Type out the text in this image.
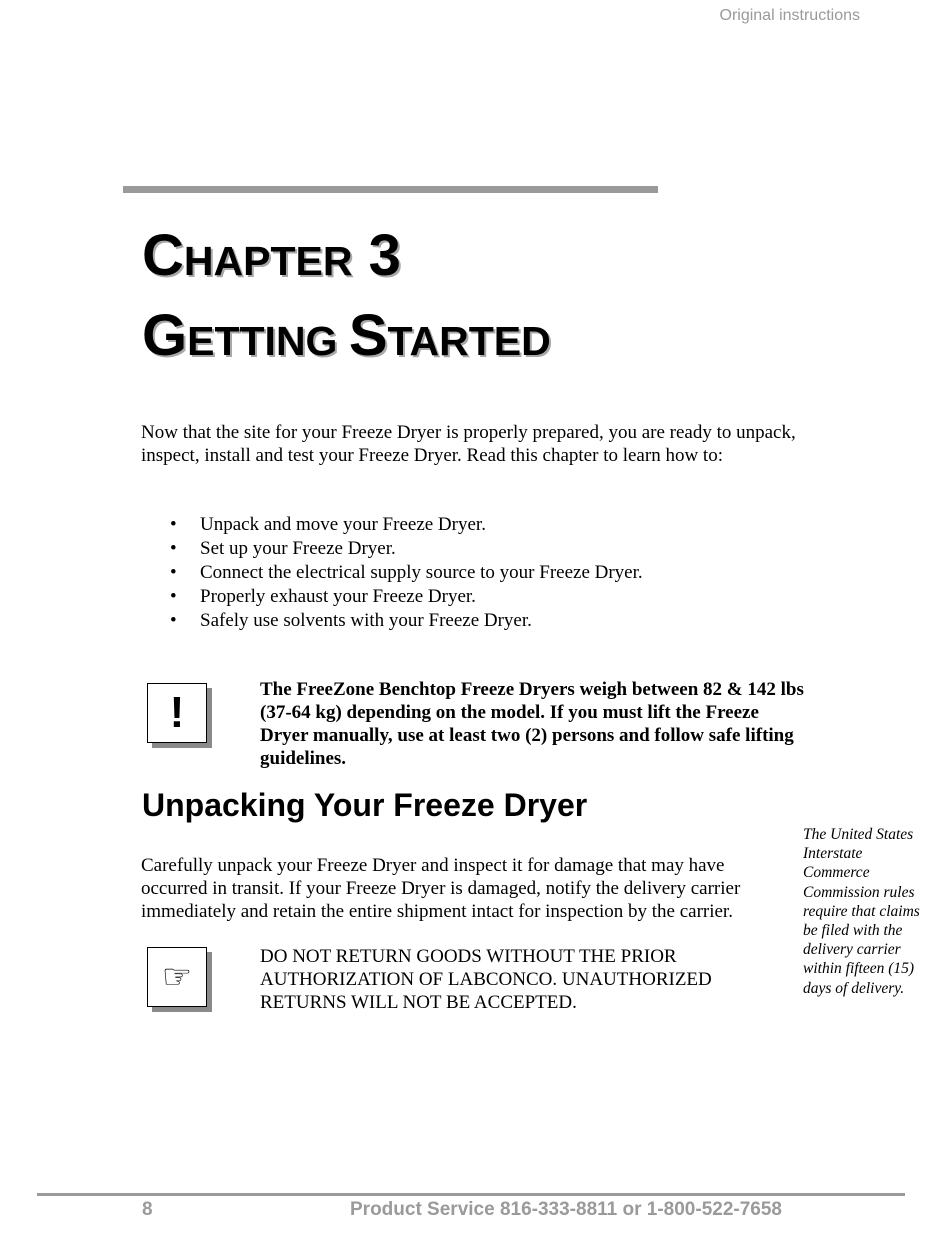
Original instructions
CHAPTER 3
GETTING STARTED

Now that the site for your Freeze Dryer is properly prepared, you are ready to unpack, inspect, install and test your Freeze Dryer. Read this chapter to learn how to:

• Unpack and move your Freeze Dryer.
• Set up your Freeze Dryer.
• Connect the electrical supply source to your Freeze Dryer.
• Properly exhaust your Freeze Dryer.
• Safely use solvents with your Freeze Dryer.
!	The FreeZone Benchtop Freeze Dryers weigh between 82 & 142 lbs (37-64 kg) depending on the model. If you must lift the Freeze Dryer manually, use at least two (2) persons and follow safe lifting guidelines.

Unpacking Your Freeze Dryer

The United States Interstate Commerce Commission rules require that claims be filed with the delivery carrier within fifteen (15) days of delivery.

Carefully unpack your Freeze Dryer and inspect it for damage that may have occurred in transit. If your Freeze Dryer is damaged, notify the delivery carrier immediately and retain the entire shipment intact for inspection by the carrier.

☞

DO NOT RETURN GOODS WITHOUT THE PRIOR AUTHORIZATION OF LABCONCO. UNAUTHORIZED RETURNS WILL NOT BE ACCEPTED.

8	Product Service 816-333-8811 or 1-800-522-7658
